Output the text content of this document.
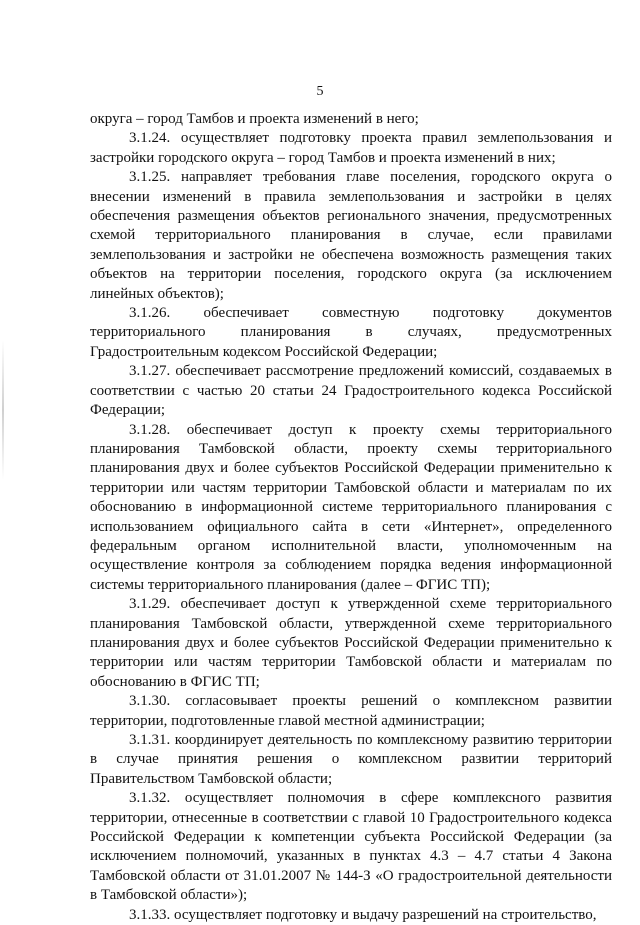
5

округа – город Тамбов и проекта изменений в него;

3.1.24. осуществляет подготовку проекта правил землепользования и застройки городского округа – город Тамбов и проекта изменений в них;

3.1.25. направляет требования главе поселения, городского округа о внесении изменений в правила землепользования и застройки в целях обеспечения размещения объектов регионального значения, предусмотренных схемой территориального планирования в случае, если правилами землепользования и застройки не обеспечена возможность размещения таких объектов на территории поселения, городского округа (за исключением линейных объектов);

3.1.26. обеспечивает совместную подготовку документов территориального планирования в случаях, предусмотренных Градостроительным кодексом Российской Федерации;

3.1.27. обеспечивает рассмотрение предложений комиссий, создаваемых в соответствии с частью 20 статьи 24 Градостроительного кодекса Российской Федерации;

3.1.28. обеспечивает доступ к проекту схемы территориального планирования Тамбовской области, проекту схемы территориального планирования двух и более субъектов Российской Федерации применительно к территории или частям территории Тамбовской области и материалам по их обоснованию в информационной системе территориального планирования с использованием официального сайта в сети «Интернет», определенного федеральным органом исполнительной власти, уполномоченным на осуществление контроля за соблюдением порядка ведения информационной системы территориального планирования (далее – ФГИС ТП);

3.1.29. обеспечивает доступ к утвержденной схеме территориального планирования Тамбовской области, утвержденной схеме территориального планирования двух и более субъектов Российской Федерации применительно к территории или частям территории Тамбовской области и материалам по обоснованию в ФГИС ТП;

3.1.30. согласовывает проекты решений о комплексном развитии территории, подготовленные главой местной администрации;

3.1.31. координирует деятельность по комплексному развитию территории в случае принятия решения о комплексном развитии территорий Правительством Тамбовской области;

3.1.32. осуществляет полномочия в сфере комплексного развития территории, отнесенные в соответствии с главой 10 Градостроительного кодекса Российской Федерации к компетенции субъекта Российской Федерации (за исключением полномочий, указанных в пунктах 4.3 – 4.7 статьи 4 Закона Тамбовской области от 31.01.2007 № 144-З «О градостроительной деятельности в Тамбовской области»);

3.1.33. осуществляет подготовку и выдачу разрешений на строительство,
